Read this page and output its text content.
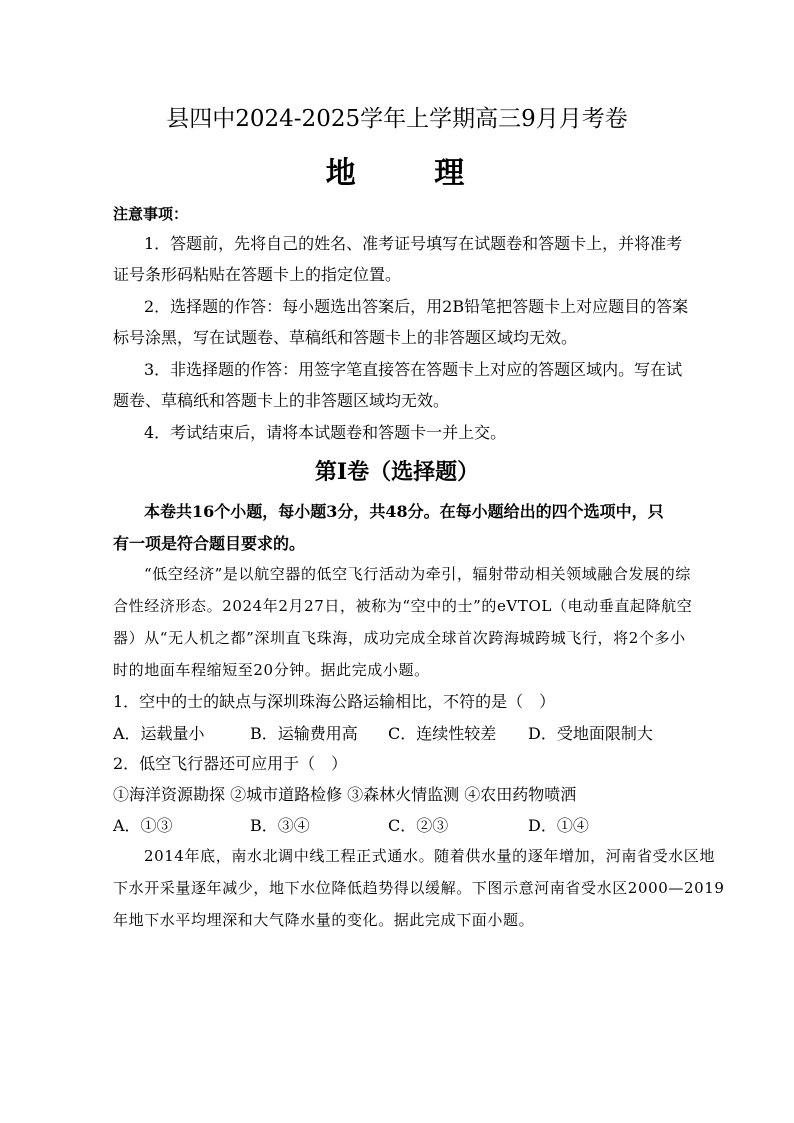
县四中2024-2025学年上学期高三9月月考卷
地 理
注意事项：
1．答题前，先将自己的姓名、准考证号填写在试题卷和答题卡上，并将准考
证号条形码粘贴在答题卡上的指定位置。
2．选择题的作答：每小题选出答案后，用2B铅笔把答题卡上对应题目的答案
标号涂黑，写在试题卷、草稿纸和答题卡上的非答题区域均无效。
3．非选择题的作答：用签字笔直接答在答题卡上对应的答题区域内。写在试
题卷、草稿纸和答题卡上的非答题区域均无效。
4．考试结束后，请将本试题卷和答题卡一并上交。
第Ⅰ卷（选择题）
本卷共16个小题，每小题3分，共48分。在每小题给出的四个选项中，只
有一项是符合题目要求的。
“低空经济”是以航空器的低空飞行活动为牵引，辐射带动相关领域融合发展的综
合性经济形态。2024年2月27日，被称为“空中的士”的eVTOL（电动垂直起降航空
器）从“无人机之都”深圳直飞珠海，成功完成全球首次跨海城跨城飞行，将2个多小
时的地面车程缩短至20分钟。据此完成小题。
1．空中的士的缺点与深圳珠海公路运输相比，不符的是（　）
A．运载量小	B．运输费用高 C．连续性较差 D．受地面限制大
2．低空飞行器还可应用于（　）
①海洋资源勘探 ②城市道路检修 ③森林火情监测 ④农田药物喷洒
A．①③	B．③④	C．②③	D．①④
2014年底，南水北调中线工程正式通水。随着供水量的逐年增加，河南省受水区地
下水开采量逐年减少，地下水位降低趋势得以缓解。下图示意河南省受水区2000—2019
年地下水平均埋深和大气降水量的变化。据此完成下面小题。
